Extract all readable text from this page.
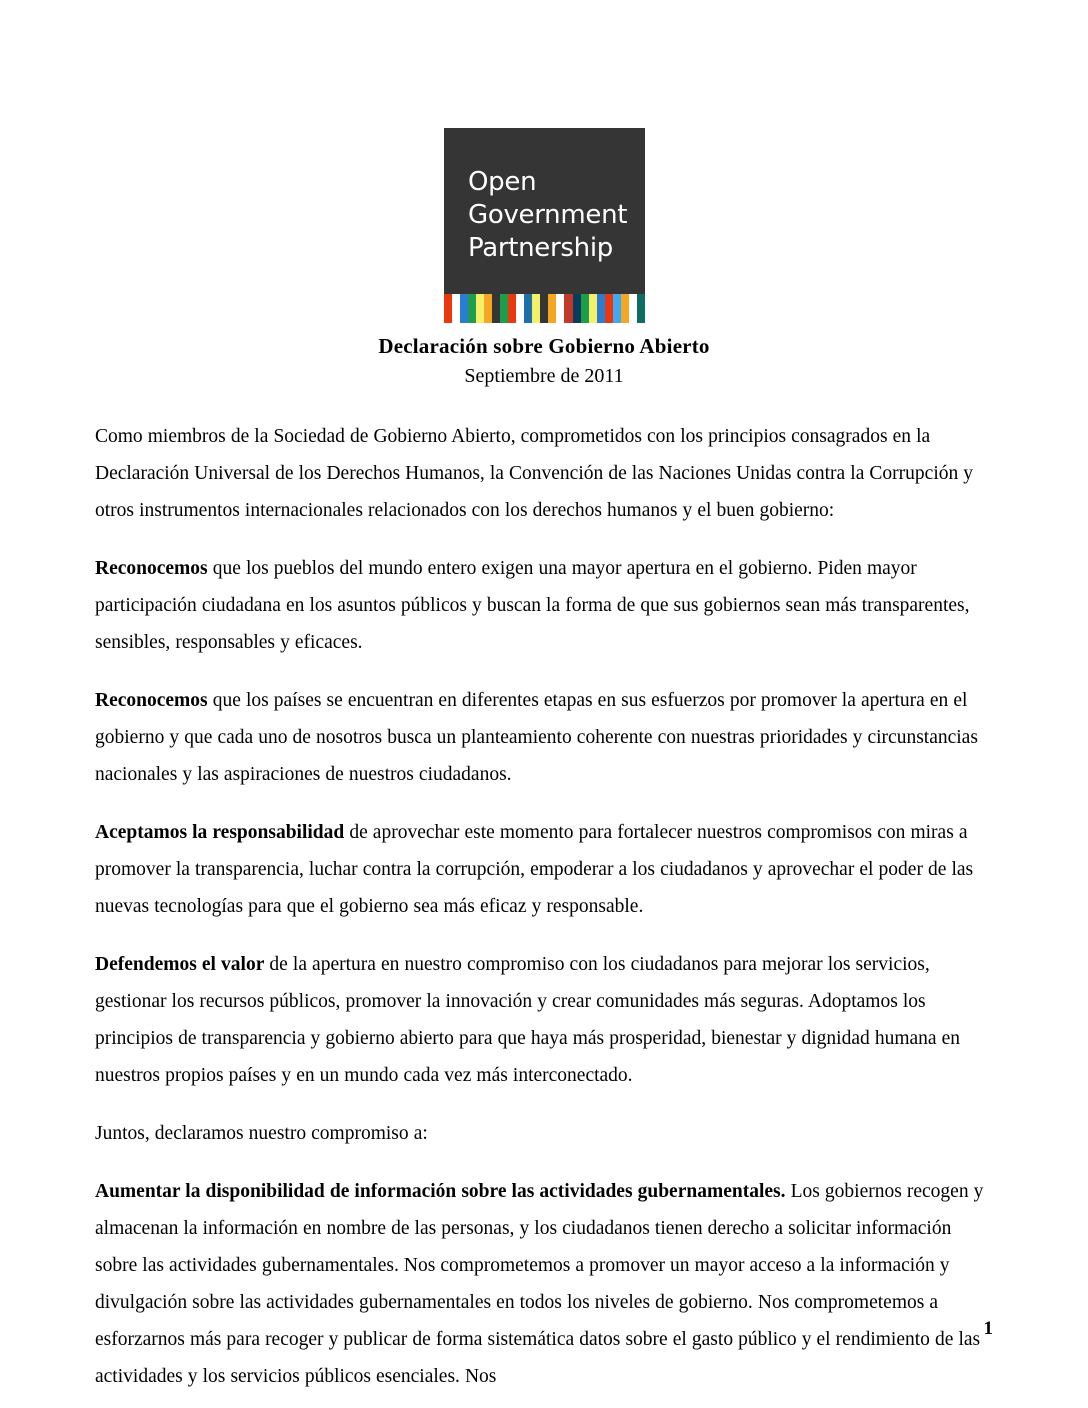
Open
Government
Partnership
Declaración sobre Gobierno Abierto
Septiembre de 2011

Como miembros de la Sociedad de Gobierno Abierto, comprometidos con los principios consagrados en la Declaración Universal de los Derechos Humanos, la Convención de las Naciones Unidas contra la Corrupción y otros instrumentos internacionales relacionados con los derechos humanos y el buen gobierno:

Reconocemos que los pueblos del mundo entero exigen una mayor apertura en el gobierno. Piden mayor participación ciudadana en los asuntos públicos y buscan la forma de que sus gobiernos sean más transparentes, sensibles, responsables y eficaces.

Reconocemos que los países se encuentran en diferentes etapas en sus esfuerzos por promover la apertura en el gobierno y que cada uno de nosotros busca un planteamiento coherente con nuestras prioridades y circunstancias nacionales y las aspiraciones de nuestros ciudadanos.

Aceptamos la responsabilidad de aprovechar este momento para fortalecer nuestros compromisos con miras a promover la transparencia, luchar contra la corrupción, empoderar a los ciudadanos y aprovechar el poder de las nuevas tecnologías para que el gobierno sea más eficaz y responsable.

Defendemos el valor de la apertura en nuestro compromiso con los ciudadanos para mejorar los servicios, gestionar los recursos públicos, promover la innovación y crear comunidades más seguras. Adoptamos los principios de transparencia y gobierno abierto para que haya más prosperidad, bienestar y dignidad humana en nuestros propios países y en un mundo cada vez más interconectado.

Juntos, declaramos nuestro compromiso a:

Aumentar la disponibilidad de información sobre las actividades gubernamentales. Los gobiernos recogen y almacenan la información en nombre de las personas, y los ciudadanos tienen derecho a solicitar información sobre las actividades gubernamentales. Nos comprometemos a promover un mayor acceso a la información y divulgación sobre las actividades gubernamentales en todos los niveles de gobierno. Nos comprometemos a esforzarnos más para recoger y publicar de forma sistemática datos sobre el gasto público y el rendimiento de las actividades y los servicios públicos esenciales. Nos

1
